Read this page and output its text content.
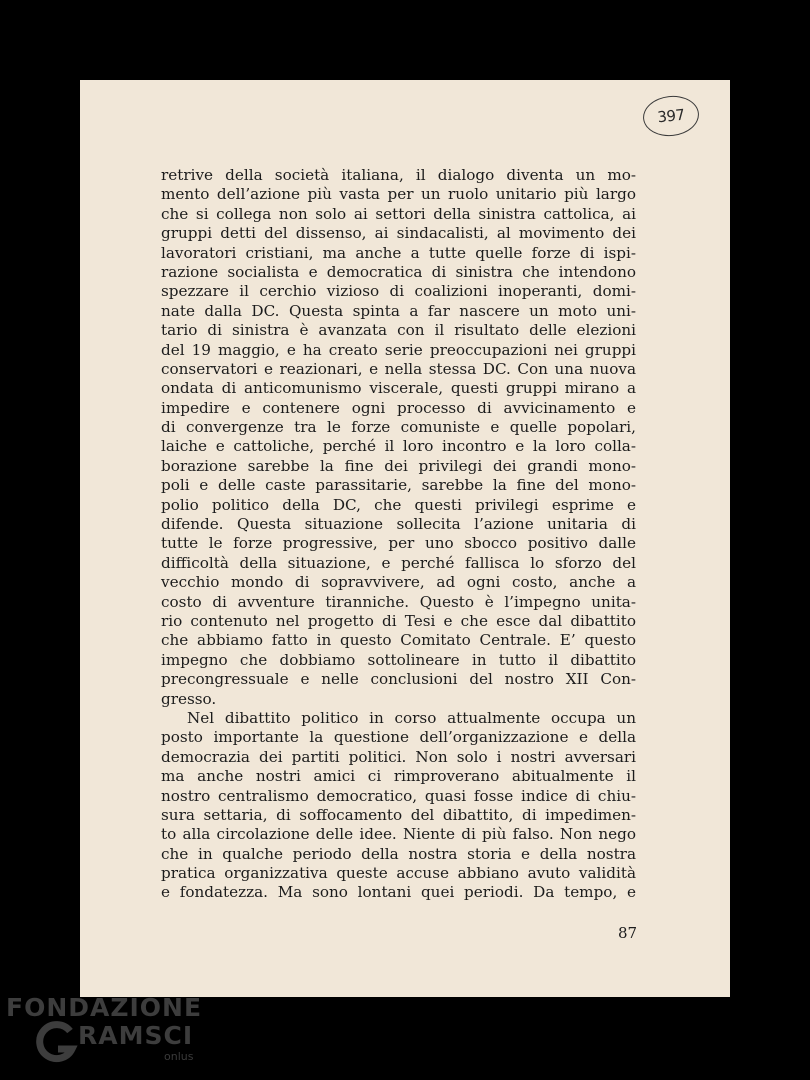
397
retrive della società italiana, il dialogo diventa un mo-
mento dell’azione più vasta per un ruolo unitario più largo
che si collega non solo ai settori della sinistra cattolica, ai
gruppi detti del dissenso, ai sindacalisti, al movimento dei
lavoratori cristiani, ma anche a tutte quelle forze di ispi-
razione socialista e democratica di sinistra che intendono
spezzare il cerchio vizioso di coalizioni inoperanti, domi-
nate dalla DC. Questa spinta a far nascere un moto uni-
tario di sinistra è avanzata con il risultato delle elezioni
del 19 maggio, e ha creato serie preoccupazioni nei gruppi
conservatori e reazionari, e nella stessa DC. Con una nuova
ondata di anticomunismo viscerale, questi gruppi mirano a
impedire e contenere ogni processo di avvicinamento e
di convergenze tra le forze comuniste e quelle popolari,
laiche e cattoliche, perché il loro incontro e la loro colla-
borazione sarebbe la fine dei privilegi dei grandi mono-
poli e delle caste parassitarie, sarebbe la fine del mono-
polio politico della DC, che questi privilegi esprime e
difende. Questa situazione sollecita l’azione unitaria di
tutte le forze progressive, per uno sbocco positivo dalle
difficoltà della situazione, e perché fallisca lo sforzo del
vecchio mondo di sopravvivere, ad ogni costo, anche a
costo di avventure tiranniche. Questo è l’impegno unita-
rio contenuto nel progetto di Tesi e che esce dal dibattito
che abbiamo fatto in questo Comitato Centrale. E’ questo
impegno che dobbiamo sottolineare in tutto il dibattito
precongressuale e nelle conclusioni del nostro XII Con-
gresso.
Nel dibattito politico in corso attualmente occupa un
posto importante la questione dell’organizzazione e della
democrazia dei partiti politici. Non solo i nostri avversari
ma anche nostri amici ci rimproverano abitualmente il
nostro centralismo democratico, quasi fosse indice di chiu-
sura settaria, di soffocamento del dibattito, di impedimen-
to alla circolazione delle idee. Niente di più falso. Non nego
che in qualche periodo della nostra storia e della nostra
pratica organizzativa queste accuse abbiano avuto validità
e fondatezza. Ma sono lontani quei periodi. Da tempo, e
87
FONDAZIONE
RAMSCI
onlus
